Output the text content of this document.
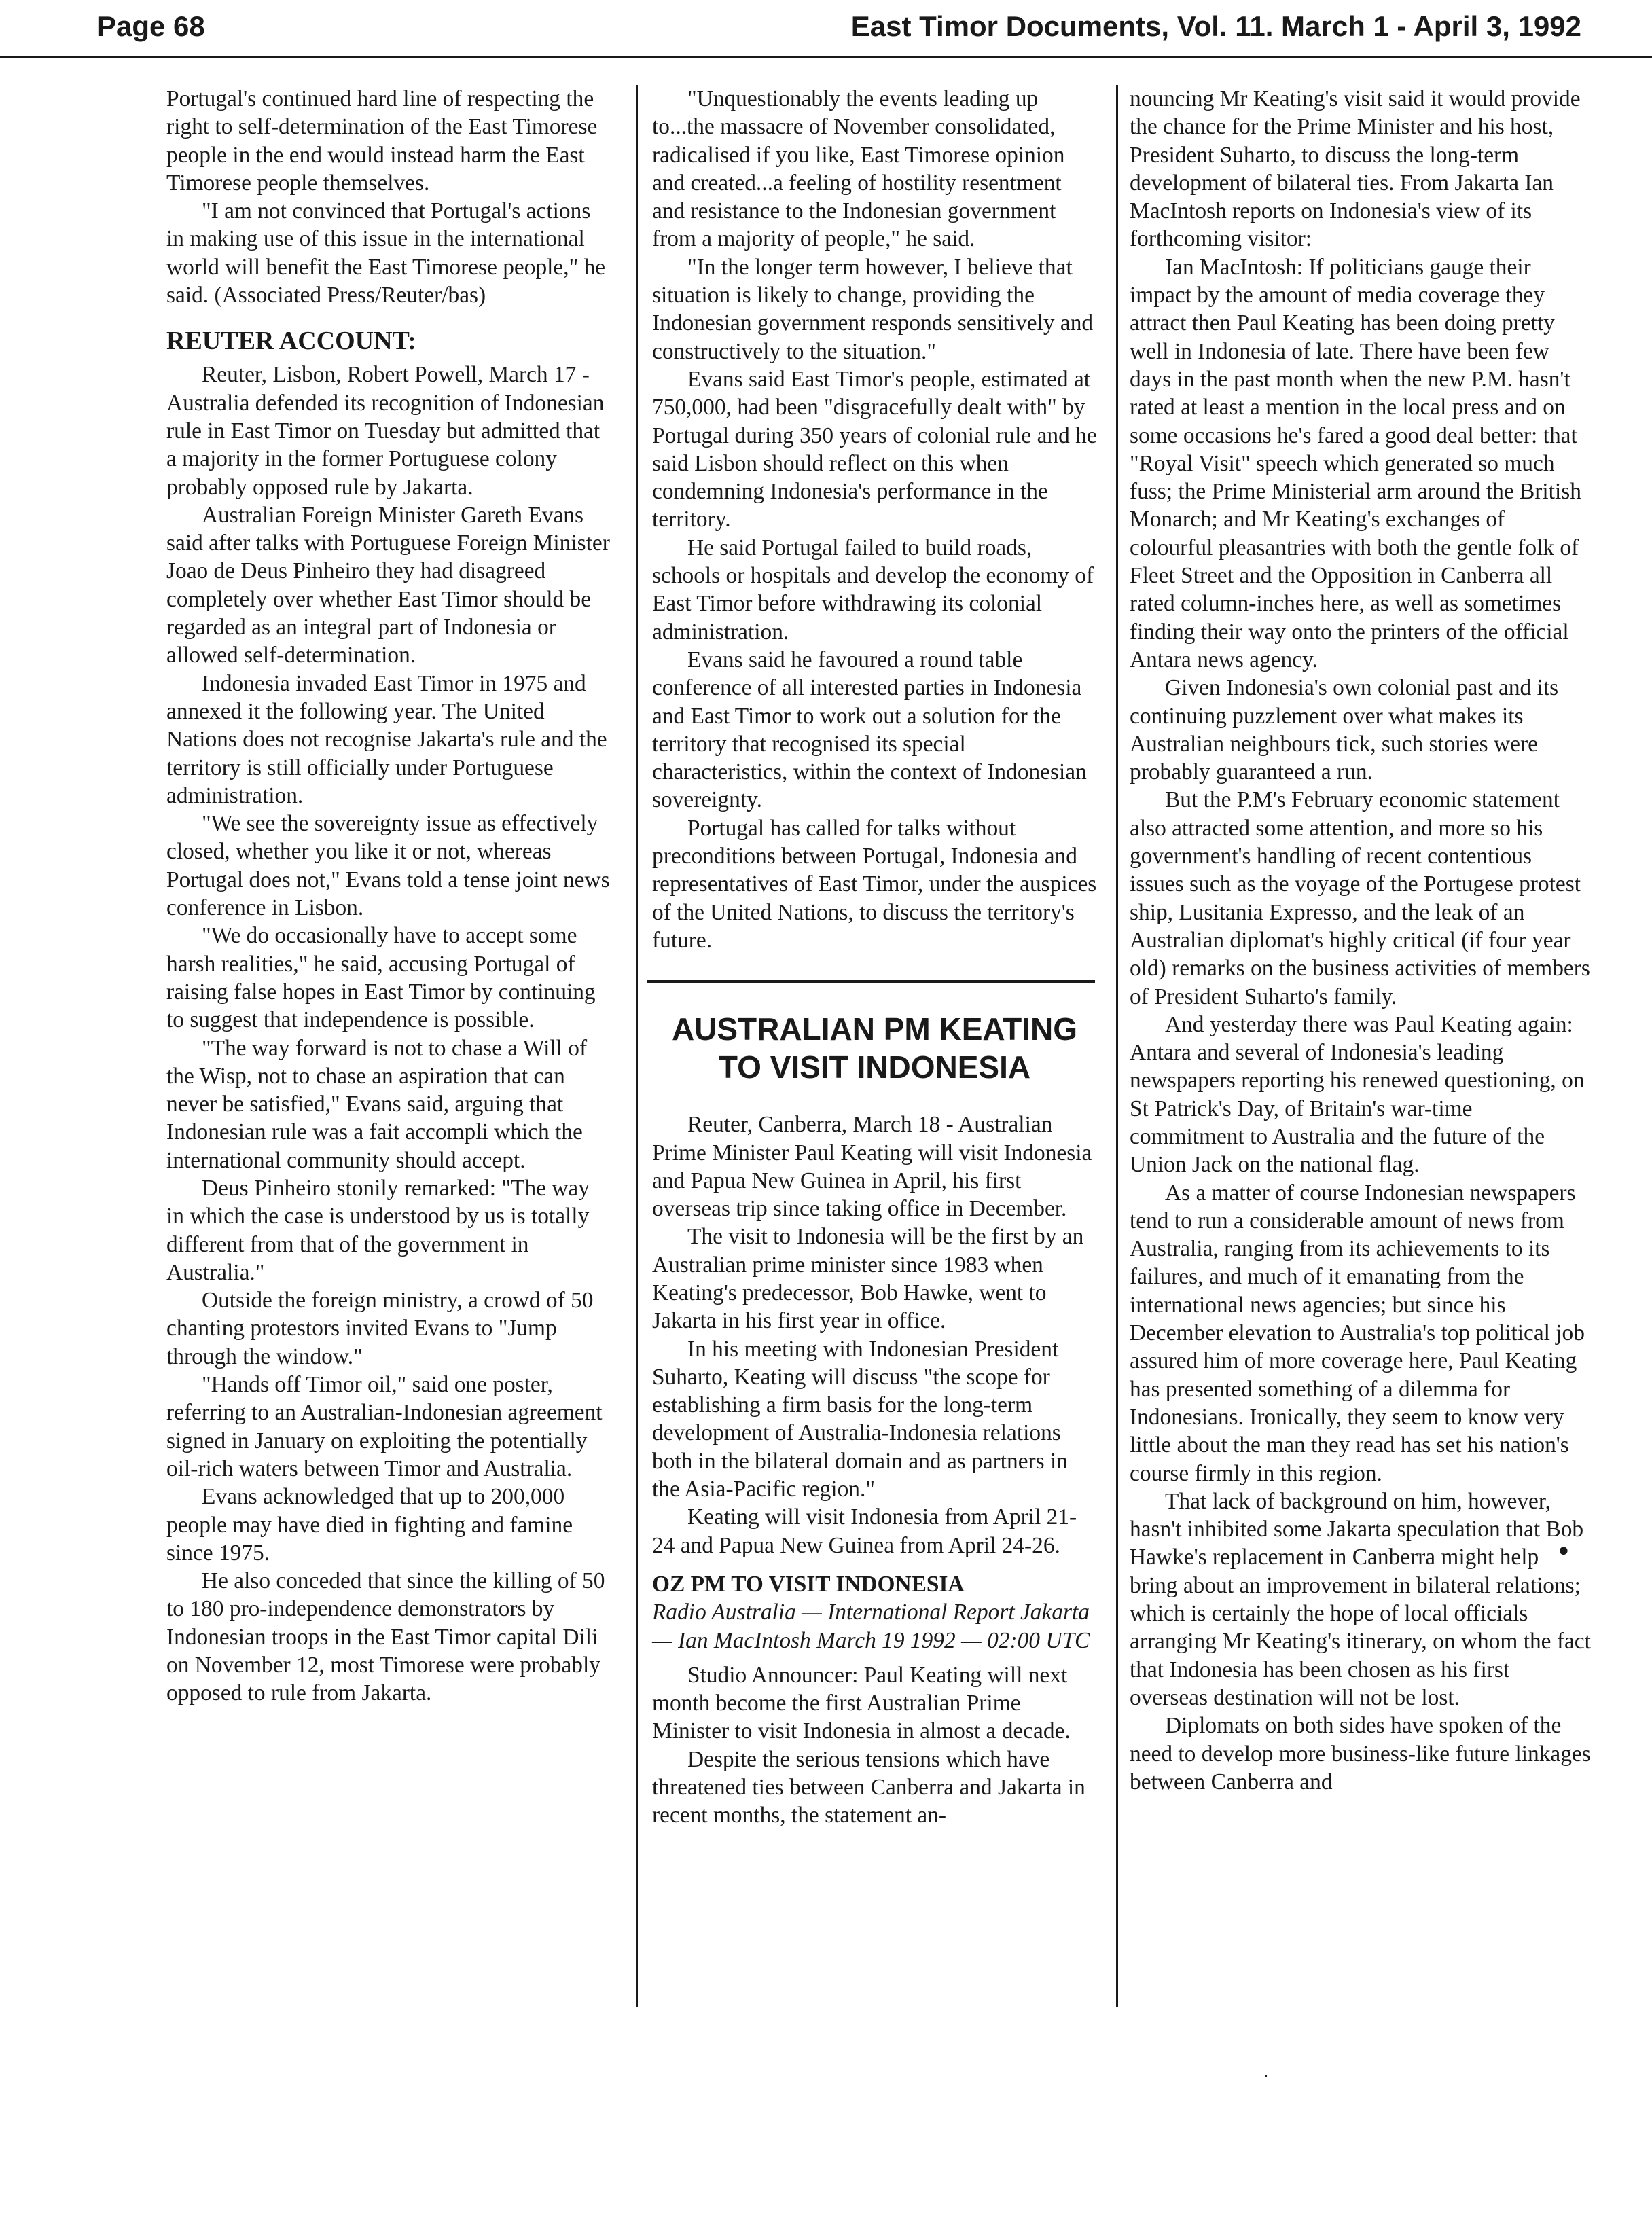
Page 68	East Timor Documents, Vol. 11. March 1 - April 3, 1992

Portugal's continued hard line of respecting the right to self-determination of the East Timorese people in the end would instead harm the East Timorese people themselves.

"I am not convinced that Portugal's actions in making use of this issue in the international world will benefit the East Timorese people," he said. (Associated Press/Reuter/bas)

REUTER ACCOUNT:

Reuter, Lisbon, Robert Powell, March 17 - Australia defended its recognition of Indonesian rule in East Timor on Tuesday but admitted that a majority in the former Portuguese colony probably opposed rule by Jakarta.

Australian Foreign Minister Gareth Evans said after talks with Portuguese Foreign Minister Joao de Deus Pinheiro they had disagreed completely over whether East Timor should be regarded as an integral part of Indonesia or allowed self-determination.

Indonesia invaded East Timor in 1975 and annexed it the following year. The United Nations does not recognise Jakarta's rule and the territory is still officially under Portuguese administration.

"We see the sovereignty issue as effectively closed, whether you like it or not, whereas Portugal does not," Evans told a tense joint news conference in Lisbon.

"We do occasionally have to accept some harsh realities," he said, accusing Portugal of raising false hopes in East Timor by continuing to suggest that independence is possible.

"The way forward is not to chase a Will of the Wisp, not to chase an aspiration that can never be satisfied," Evans said, arguing that Indonesian rule was a fait accompli which the international community should accept.

Deus Pinheiro stonily remarked: "The way in which the case is understood by us is totally different from that of the government in Australia."

Outside the foreign ministry, a crowd of 50 chanting protestors invited Evans to "Jump through the window."

"Hands off Timor oil," said one poster, referring to an Australian-Indonesian agreement signed in January on exploiting the potentially oil-rich waters between Timor and Australia.

Evans acknowledged that up to 200,000 people may have died in fighting and famine since 1975.

He also conceded that since the killing of 50 to 180 pro-independence demonstrators by Indonesian troops in the East Timor capital Dili on November 12, most Timorese were probably opposed to rule from Jakarta.

"Unquestionably the events leading up to...the massacre of November consolidated, radicalised if you like, East Timorese opinion and created...a feeling of hostility resentment and resistance to the Indonesian government from a majority of people," he said.

"In the longer term however, I believe that situation is likely to change, providing the Indonesian government responds sensitively and constructively to the situation."

Evans said East Timor's people, estimated at 750,000, had been "disgracefully dealt with" by Portugal during 350 years of colonial rule and he said Lisbon should reflect on this when condemning Indonesia's performance in the territory.

He said Portugal failed to build roads, schools or hospitals and develop the economy of East Timor before withdrawing its colonial administration.

Evans said he favoured a round table conference of all interested parties in Indonesia and East Timor to work out a solution for the territory that recognised its special characteristics, within the context of Indonesian sovereignty.

Portugal has called for talks without preconditions between Portugal, Indonesia and representatives of East Timor, under the auspices of the United Nations, to discuss the territory's future.

AUSTRALIAN PM KEATING TO VISIT INDONESIA

Reuter, Canberra, March 18 - Australian Prime Minister Paul Keating will visit Indonesia and Papua New Guinea in April, his first overseas trip since taking office in December.

The visit to Indonesia will be the first by an Australian prime minister since 1983 when Keating's predecessor, Bob Hawke, went to Jakarta in his first year in office.

In his meeting with Indonesian President Suharto, Keating will discuss "the scope for establishing a firm basis for the long-term development of Australia-Indonesia relations both in the bilateral domain and as partners in the Asia-Pacific region."

Keating will visit Indonesia from April 21-24 and Papua New Guinea from April 24-26.

OZ PM TO VISIT INDONESIA

Radio Australia — International Report Jakarta — Ian MacIntosh March 19 1992 — 02:00 UTC

Studio Announcer: Paul Keating will next month become the first Australian Prime Minister to visit Indonesia in almost a decade.

Despite the serious tensions which have threatened ties between Canberra and Jakarta in recent months, the statement an-

nouncing Mr Keating's visit said it would provide the chance for the Prime Minister and his host, President Suharto, to discuss the long-term development of bilateral ties. From Jakarta Ian MacIntosh reports on Indonesia's view of its forthcoming visitor:

Ian MacIntosh: If politicians gauge their impact by the amount of media coverage they attract then Paul Keating has been doing pretty well in Indonesia of late. There have been few days in the past month when the new P.M. hasn't rated at least a mention in the local press and on some occasions he's fared a good deal better: that "Royal Visit" speech which generated so much fuss; the Prime Ministerial arm around the British Monarch; and Mr Keating's exchanges of colourful pleasantries with both the gentle folk of Fleet Street and the Opposition in Canberra all rated column-inches here, as well as sometimes finding their way onto the printers of the official Antara news agency.

Given Indonesia's own colonial past and its continuing puzzlement over what makes its Australian neighbours tick, such stories were probably guaranteed a run.

But the P.M's February economic statement also attracted some attention, and more so his government's handling of recent contentious issues such as the voyage of the Portugese protest ship, Lusitania Expresso, and the leak of an Australian diplomat's highly critical (if four year old) remarks on the business activities of members of President Suharto's family.

And yesterday there was Paul Keating again: Antara and several of Indonesia's leading newspapers reporting his renewed questioning, on St Patrick's Day, of Britain's war-time commitment to Australia and the future of the Union Jack on the national flag.

As a matter of course Indonesian newspapers tend to run a considerable amount of news from Australia, ranging from its achievements to its failures, and much of it emanating from the international news agencies; but since his December elevation to Australia's top political job assured him of more coverage here, Paul Keating has presented something of a dilemma for Indonesians. Ironically, they seem to know very little about the man they read has set his nation's course firmly in this region.

That lack of background on him, however, hasn't inhibited some Jakarta speculation that Bob Hawke's replacement in Canberra might help bring about an improvement in bilateral relations; which is certainly the hope of local officials arranging Mr Keating's itinerary, on whom the fact that Indonesia has been chosen as his first overseas destination will not be lost.

Diplomats on both sides have spoken of the need to develop more business-like future linkages between Canberra and

•
.
